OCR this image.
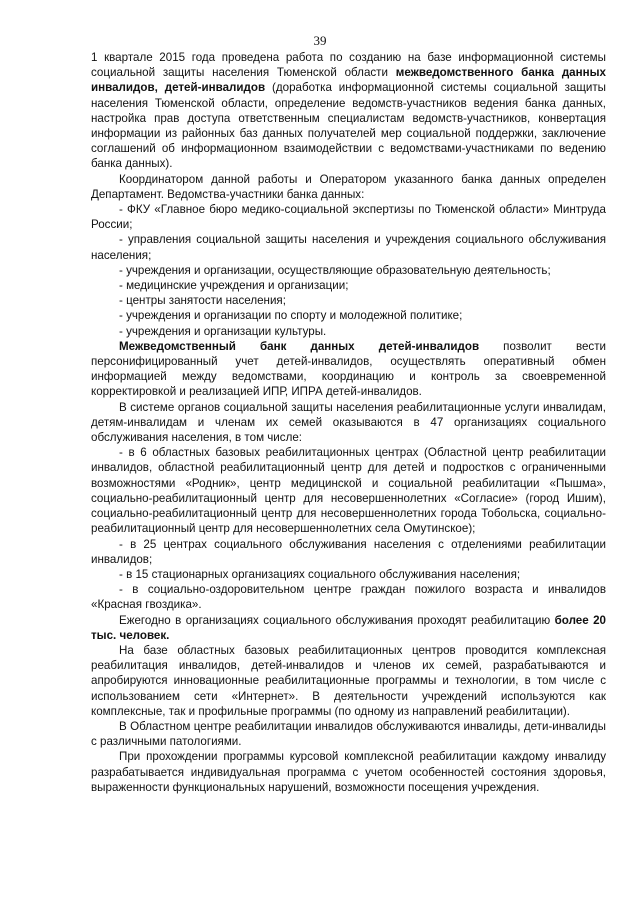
39

1 квартале 2015 года проведена работа по созданию на базе информационной системы социальной защиты населения Тюменской области межведомственного банка данных инвалидов, детей-инвалидов (доработка информационной системы социальной защиты населения Тюменской области, определение ведомств-участников ведения банка данных, настройка прав доступа ответственным специалистам ведомств-участников, конвертация информации из районных баз данных получателей мер социальной поддержки, заключение соглашений об информационном взаимодействии с ведомствами-участниками по ведению банка данных).

Координатором данной работы и Оператором указанного банка данных определен Департамент. Ведомства-участники банка данных:

- ФКУ «Главное бюро медико-социальной экспертизы по Тюменской области» Минтруда России;

- управления социальной защиты населения и учреждения социального обслуживания населения;

- учреждения и организации, осуществляющие образовательную деятельность;

- медицинские учреждения и организации;

- центры занятости населения;

- учреждения и организации по спорту и молодежной политике;

- учреждения и организации культуры.

Межведомственный банк данных детей-инвалидов позволит вести персонифицированный учет детей-инвалидов, осуществлять оперативный обмен информацией между ведомствами, координацию и контроль за своевременной корректировкой и реализацией ИПР, ИПРА детей-инвалидов.

В системе органов социальной защиты населения реабилитационные услуги инвалидам, детям-инвалидам и членам их семей оказываются в 47 организациях социального обслуживания населения, в том числе:

- в 6 областных базовых реабилитационных центрах (Областной центр реабилитации инвалидов, областной реабилитационный центр для детей и подростков с ограниченными возможностями «Родник», центр медицинской и социальной реабилитации «Пышма», социально-реабилитационный центр для несовершеннолетних «Согласие» (город Ишим), социально-реабилитационный центр для несовершеннолетних города Тобольска, социально-реабилитационный центр для несовершеннолетних села Омутинское);

- в 25 центрах социального обслуживания населения с отделениями реабилитации инвалидов;

- в 15 стационарных организациях социального обслуживания населения;

- в социально-оздоровительном центре граждан пожилого возраста и инвалидов «Красная гвоздика».

Ежегодно в организациях социального обслуживания проходят реабилитацию более 20 тыс. человек.

На базе областных базовых реабилитационных центров проводится комплексная реабилитация инвалидов, детей-инвалидов и членов их семей, разрабатываются и апробируются инновационные реабилитационные программы и технологии, в том числе с использованием сети «Интернет». В деятельности учреждений используются как комплексные, так и профильные программы (по одному из направлений реабилитации).

В Областном центре реабилитации инвалидов обслуживаются инвалиды, дети-инвалиды с различными патологиями.

При прохождении программы курсовой комплексной реабилитации каждому инвалиду разрабатывается индивидуальная программа с учетом особенностей состояния здоровья, выраженности функциональных нарушений, возможности посещения учреждения.
